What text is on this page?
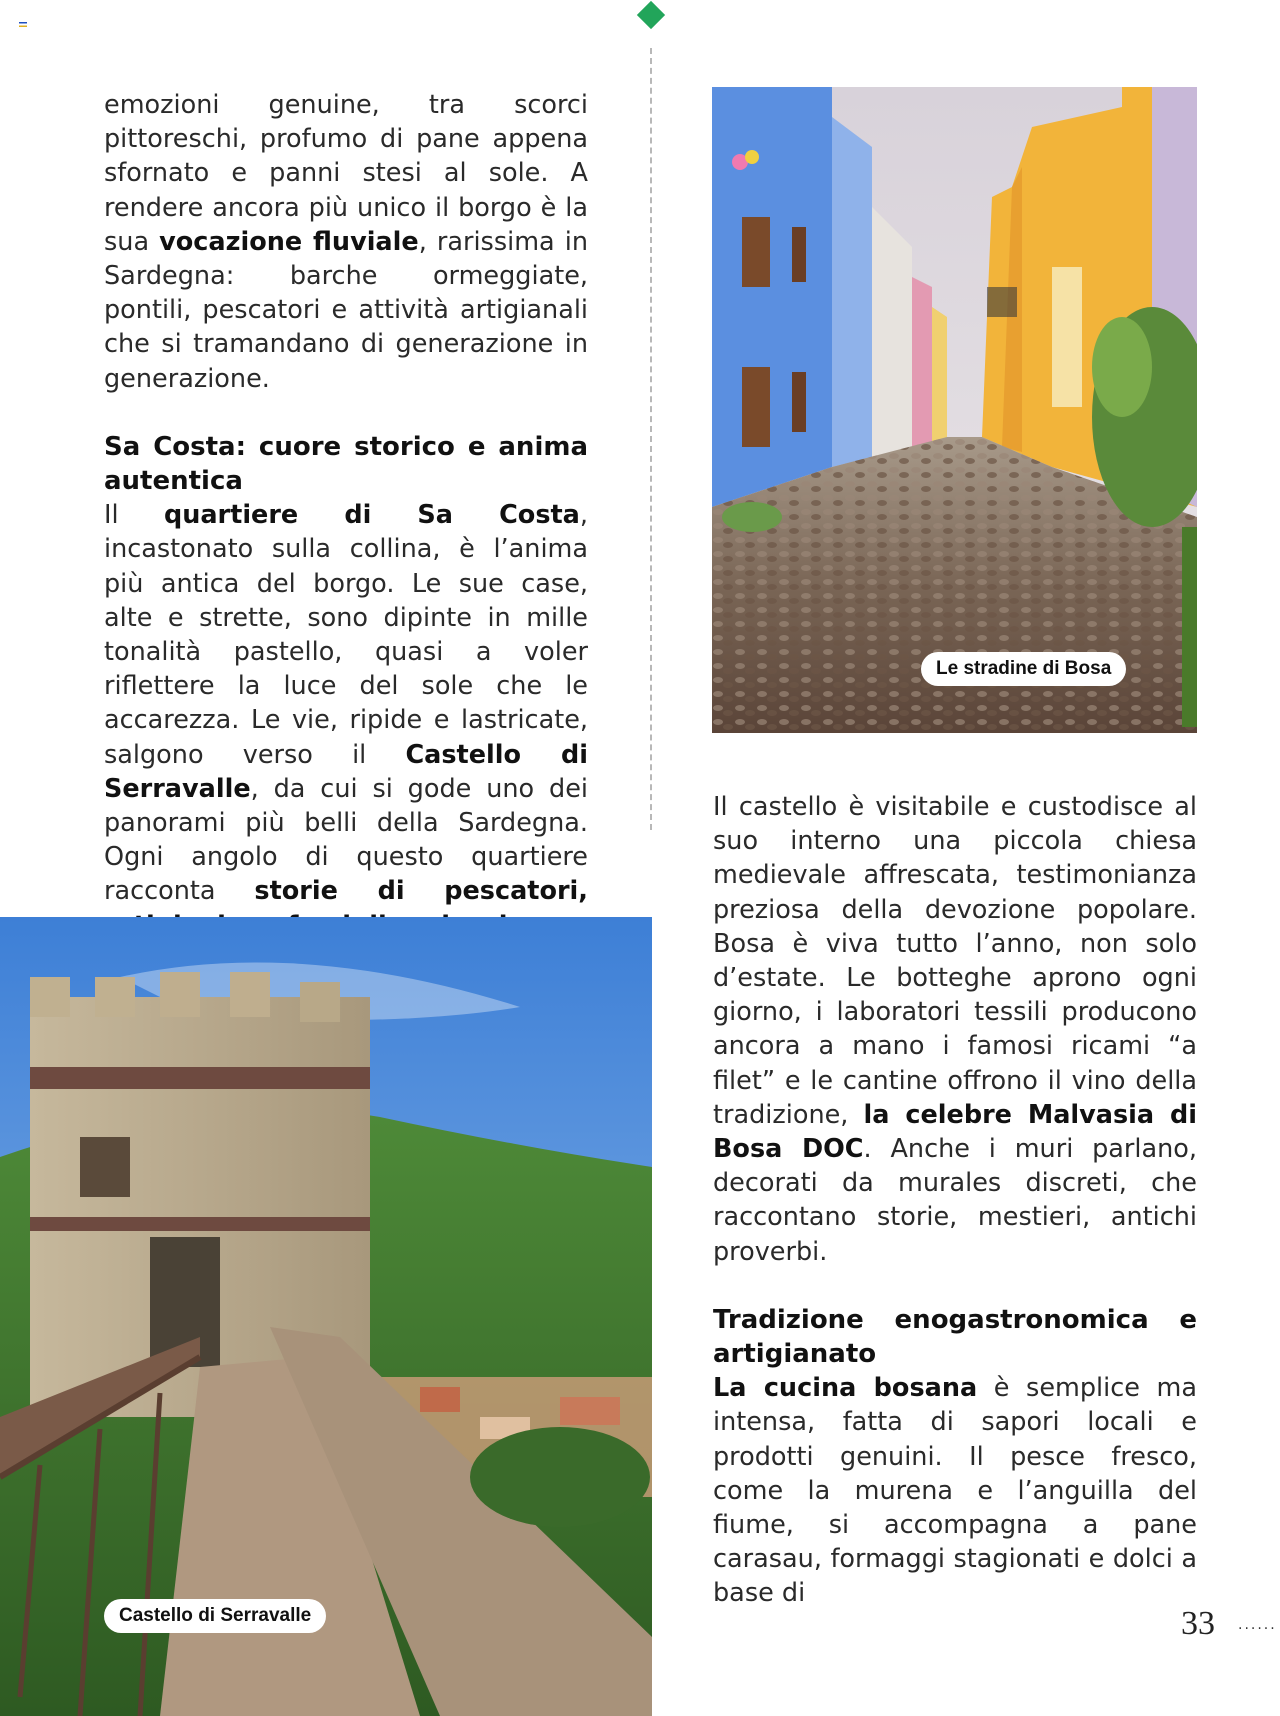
emozioni genuine, tra scorci pittoreschi, profumo di pane appena sfornato e panni stesi al sole. A rendere ancora più unico il borgo è la sua vocazione fluviale, rarissima in Sardegna: barche ormeggiate, pontili, pescatori e attività artigianali che si tramandano di generazione in generazione.

Sa Costa: cuore storico e anima autentica

Il quartiere di Sa Costa, incastonato sulla collina, è l’anima più antica del borgo. Le sue case, alte e strette, sono dipinte in mille tonalità pastello, quasi a voler riflettere la luce del sole che le accarezza. Le vie, ripide e lastricate, salgono verso il Castello di Serravalle, da cui si gode uno dei panorami più belli della Sardegna. Ogni angolo di questo quartiere racconta storie di pescatori,

Le stradine di Bosa

Il castello è visitabile e custodisce al suo interno una piccola chiesa medievale affrescata, testimonianza preziosa della devozione popolare. Bosa è viva tutto l’anno, non solo d’estate. Le botteghe aprono ogni giorno, i laboratori tessili producono ancora a mano i famosi ricami “a filet” e le cantine offrono il vino della tradizione, la celebre Malvasia di Bosa DOC. Anche i muri parlano, decorati da murales discreti, che raccontano storie, mestieri, antichi proverbi.

Tradizione enogastronomica e artigianato

La cucina bosana è semplice ma intensa, fatta di sapori locali e prodotti genuini. Il pesce fresco, come la murena e l’anguilla del fiume, si accompagna a pane carasau, formaggi stagionati e dolci a base di

Castello di Serravalle	33 ......
